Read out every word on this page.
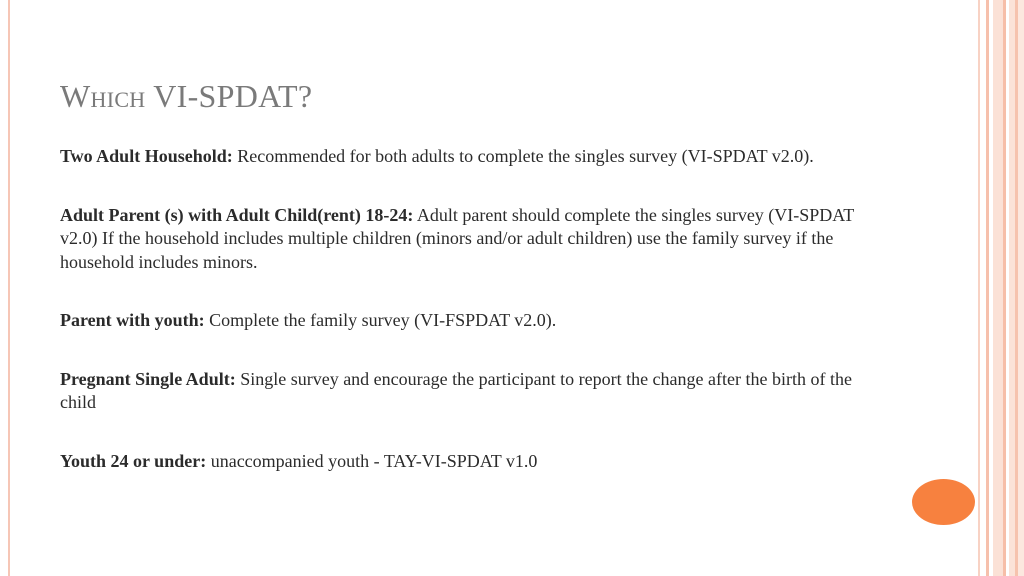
Which VI-SPDAT?

Two Adult Household: Recommended for both adults to complete the singles survey (VI-SPDAT v2.0).

Adult Parent (s) with Adult Child(rent) 18-24: Adult parent should complete the singles survey (VI-SPDAT v2.0) If the household includes multiple children (minors and/or adult children) use the family survey if the household includes minors.

Parent with youth: Complete the family survey (VI-FSPDAT v2.0).

Pregnant Single Adult: Single survey and encourage the participant to report the change after the birth of the child

Youth 24 or under: unaccompanied youth - TAY-VI-SPDAT v1.0
